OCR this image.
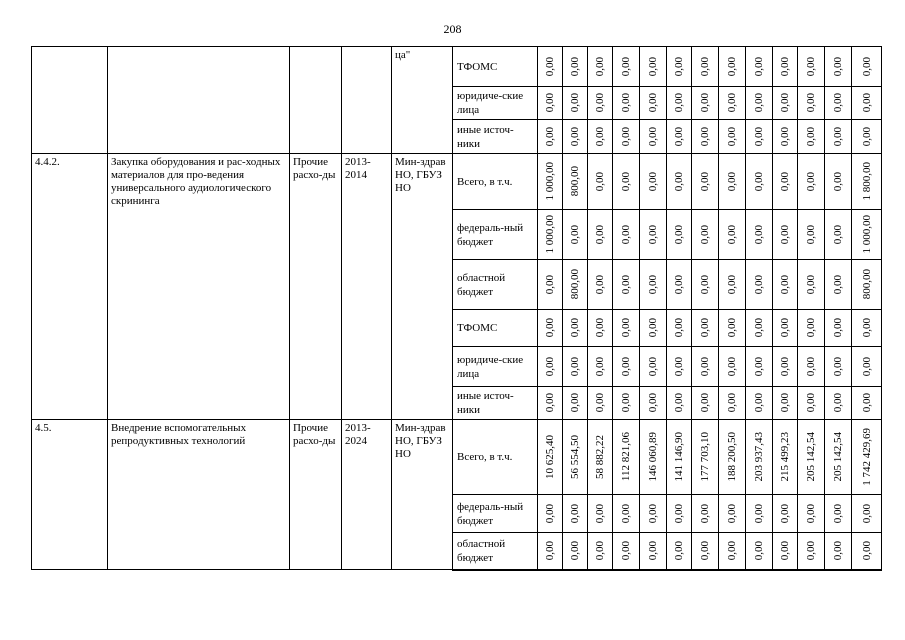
208
				ца"	ТФОМС	0,00	0,00	0,00	0,00	0,00	0,00	0,00	0,00	0,00	0,00	0,00	0,00	0,00

					юридиче-ские лица	0,00	0,00	0,00	0,00	0,00	0,00	0,00	0,00	0,00	0,00	0,00	0,00	0,00

					иные источ-ники	0,00	0,00	0,00	0,00	0,00	0,00	0,00	0,00	0,00	0,00	0,00	0,00	0,00

4.4.2.	Закупка оборудования и рас-ходных материалов для про-ведения универсального аудиологического скрининга	Прочие расхо-ды	2013-2014	Мин-здрав НО, ГБУЗ НО	Всего, в т.ч.	1 000,00	800,00	0,00	0,00	0,00	0,00	0,00	0,00	0,00	0,00	0,00	0,00	1 800,00

					федераль-ный бюджет	1 000,00	0,00	0,00	0,00	0,00	0,00	0,00	0,00	0,00	0,00	0,00	0,00	1 000,00

					областной бюджет	0,00	800,00	0,00	0,00	0,00	0,00	0,00	0,00	0,00	0,00	0,00	0,00	800,00

					ТФОМС	0,00	0,00	0,00	0,00	0,00	0,00	0,00	0,00	0,00	0,00	0,00	0,00	0,00

					юридиче-ские лица	0,00	0,00	0,00	0,00	0,00	0,00	0,00	0,00	0,00	0,00	0,00	0,00	0,00

					иные источ-ники	0,00	0,00	0,00	0,00	0,00	0,00	0,00	0,00	0,00	0,00	0,00	0,00	0,00

4.5.	Внедрение вспомогательных репродуктивных технологий	Прочие расхо-ды	2013-2024	Мин-здрав НО, ГБУЗ НО	Всего, в т.ч.	10 625,40	56 554,50	58 882,22	112 821,06	146 060,89	141 146,90	177 703,10	188 200,50	203 937,43	215 499,23	205 142,54	205 142,54	1 742 429,69

					федераль-ный бюджет	0,00	0,00	0,00	0,00	0,00	0,00	0,00	0,00	0,00	0,00	0,00	0,00	0,00

					областной бюджет	0,00	0,00	0,00	0,00	0,00	0,00	0,00	0,00	0,00	0,00	0,00	0,00	0,00
